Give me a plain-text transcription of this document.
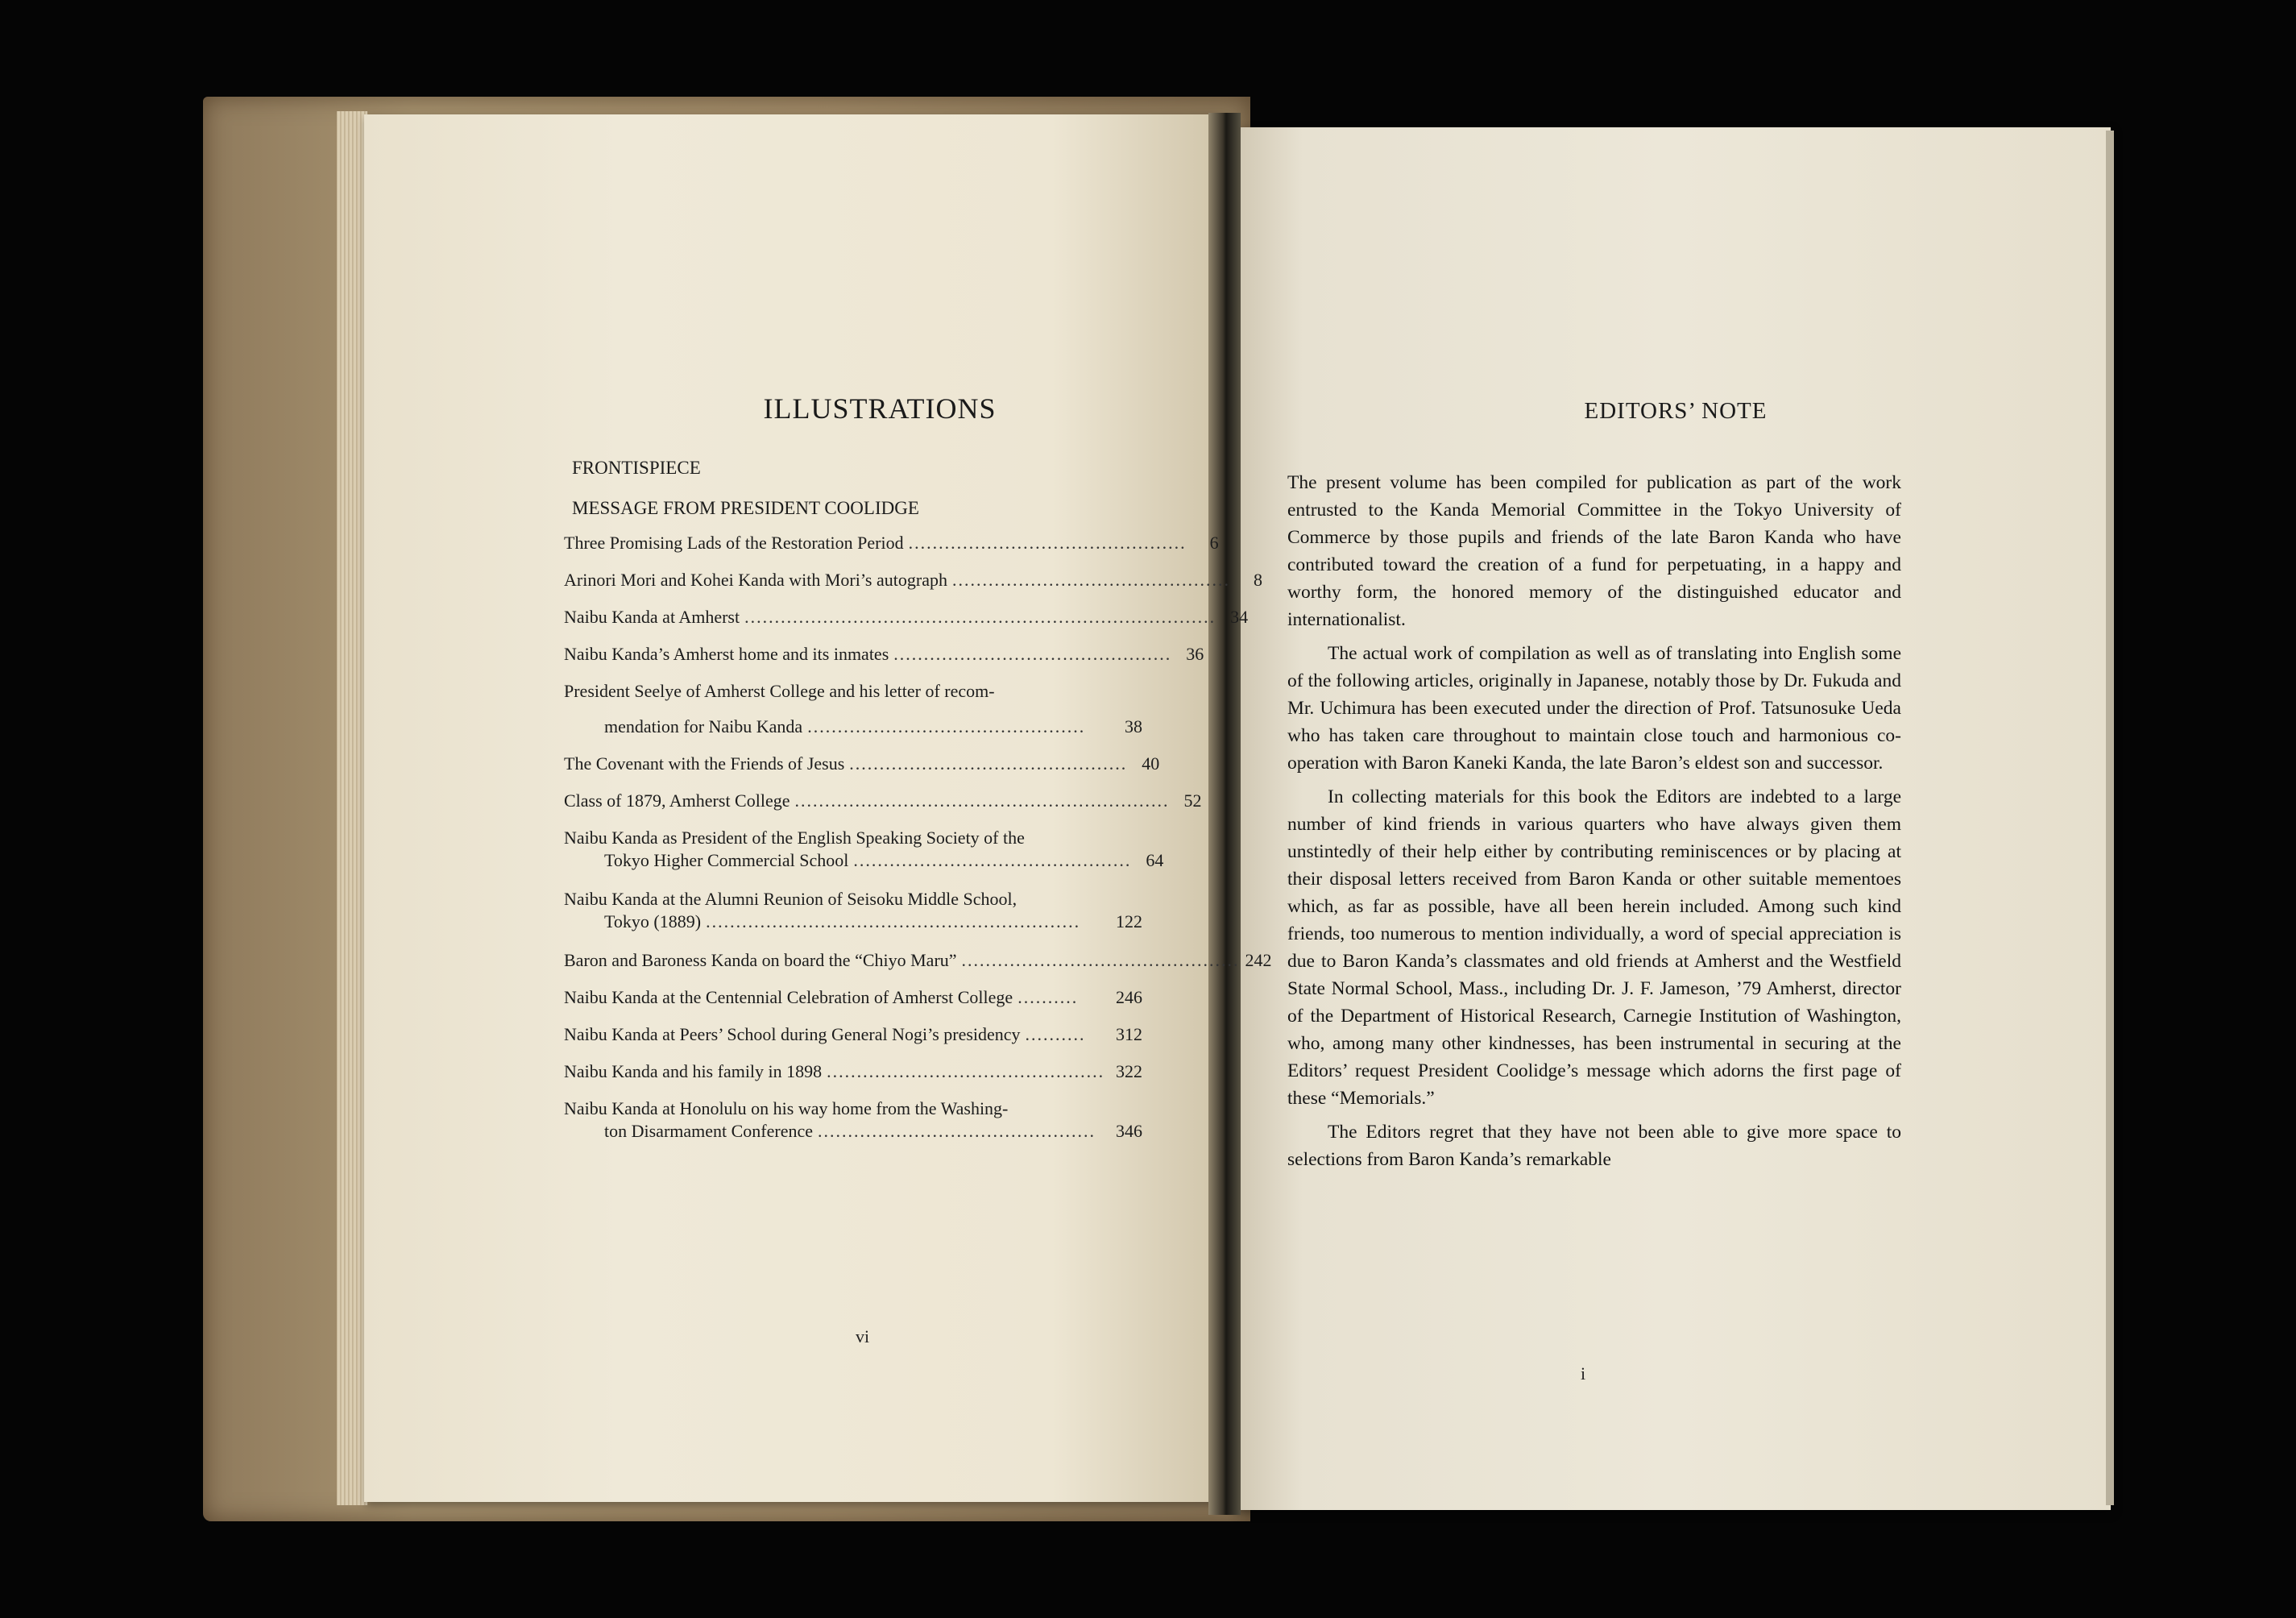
ILLUSTRATIONS
FRONTISPIECE
MESSAGE FROM PRESIDENT COOLIDGE
Three Promising Lads of the Restoration Period ..............................................	6
Arinori Mori and Kohei Kanda with Mori’s autograph ..............................................	8
Naibu Kanda at Amherst .............................................................................. 34
Naibu Kanda’s Amherst home and its inmates .............................................. 36
President Seelye of Amherst College and his letter of recom-
mendation for Naibu Kanda ..............................................	38
The Covenant with the Friends of Jesus .............................................. 40
Class of 1879, Amherst College .............................................................. 52
Naibu Kanda as President of the English Speaking Society of the
Tokyo Higher Commercial School .............................................. 64
Naibu Kanda at the Alumni Reunion of Seisoku Middle School,
Tokyo (1889) ..............................................................	122
Baron and Baroness Kanda on board the “Chiyo Maru” .............................................. 242
Naibu Kanda at the Centennial Celebration of Amherst College ..........	246
Naibu Kanda at Peers’ School during General Nogi’s presidency ..........	312
Naibu Kanda and his family in 1898 .............................................. 322
Naibu Kanda at Honolulu on his way home from the Washing-
ton Disarmament Conference ..............................................	346
vi
EDITORS’ NOTE

The present volume has been compiled for publication as part of the work entrusted to the Kanda Memorial Committee in the Tokyo University of Commerce by those pupils and friends of the late Baron Kanda who have contributed toward the creation of a fund for perpetuating, in a happy and worthy form, the honored memory of the distinguished educator and internationalist.

The actual work of compilation as well as of translating into English some of the following articles, originally in Japanese, notably those by Dr. Fukuda and Mr. Uchimura has been executed under the direction of Prof. Tatsunosuke Ueda who has taken care throughout to maintain close touch and harmonious co-operation with Baron Kaneki Kanda, the late Baron’s eldest son and successor.

In collecting materials for this book the Editors are indebted to a large number of kind friends in various quarters who have always given them unstintedly of their help either by contributing reminiscences or by placing at their disposal letters received from Baron Kanda or other suitable mementoes which, as far as possible, have all been herein included. Among such kind friends, too numerous to mention individually, a word of special appreciation is due to Baron Kanda’s classmates and old friends at Amherst and the Westfield State Normal School, Mass., including Dr. J. F. Jameson, ’79 Amherst, director of the Department of Historical Research, Carnegie Institution of Washington, who, among many other kindnesses, has been instrumental in securing at the Editors’ request President Coolidge’s message which adorns the first page of these “Memorials.”

The Editors regret that they have not been able to give more space to selections from Baron Kanda’s remarkable

i
